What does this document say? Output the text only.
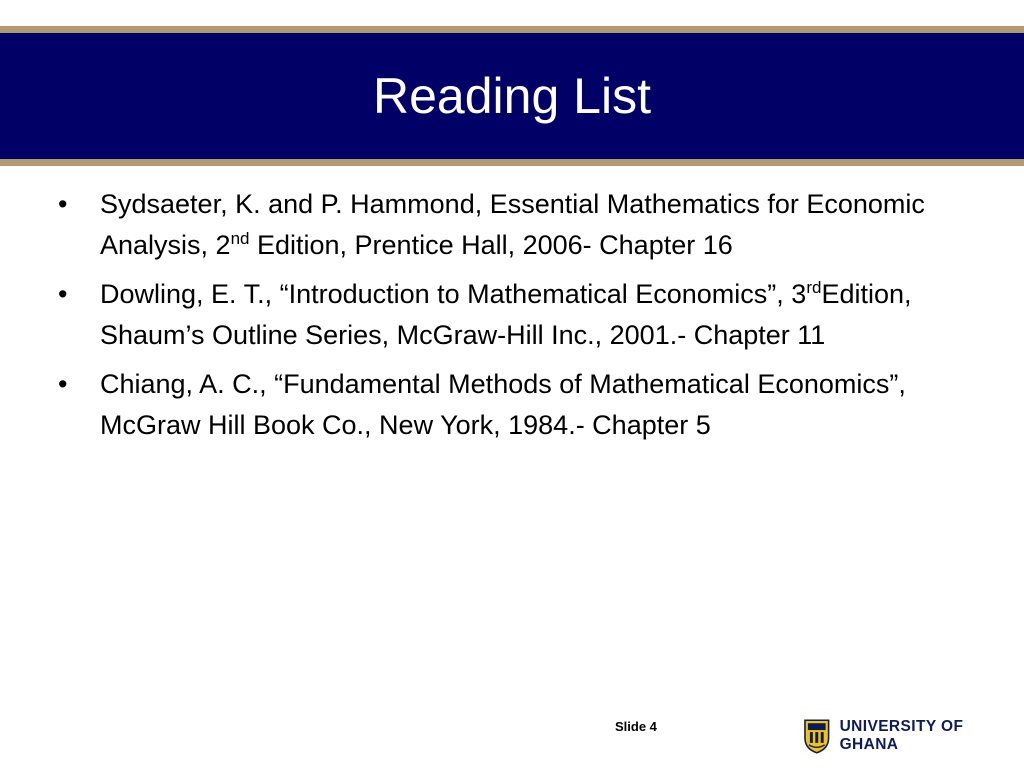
Reading List
• Sydsaeter, K. and P. Hammond, Essential Mathematics for Economic Analysis, 2nd Edition, Prentice Hall, 2006- Chapter 16
• Dowling, E. T., “Introduction to Mathematical Economics”, 3rdEdition, Shaum’s Outline Series, McGraw-Hill Inc., 2001.- Chapter 11
• Chiang, A. C., “Fundamental Methods of Mathematical Economics”, McGraw Hill Book Co., New York, 1984.- Chapter 5
Slide 4	UNIVERSITY OF GHANA
